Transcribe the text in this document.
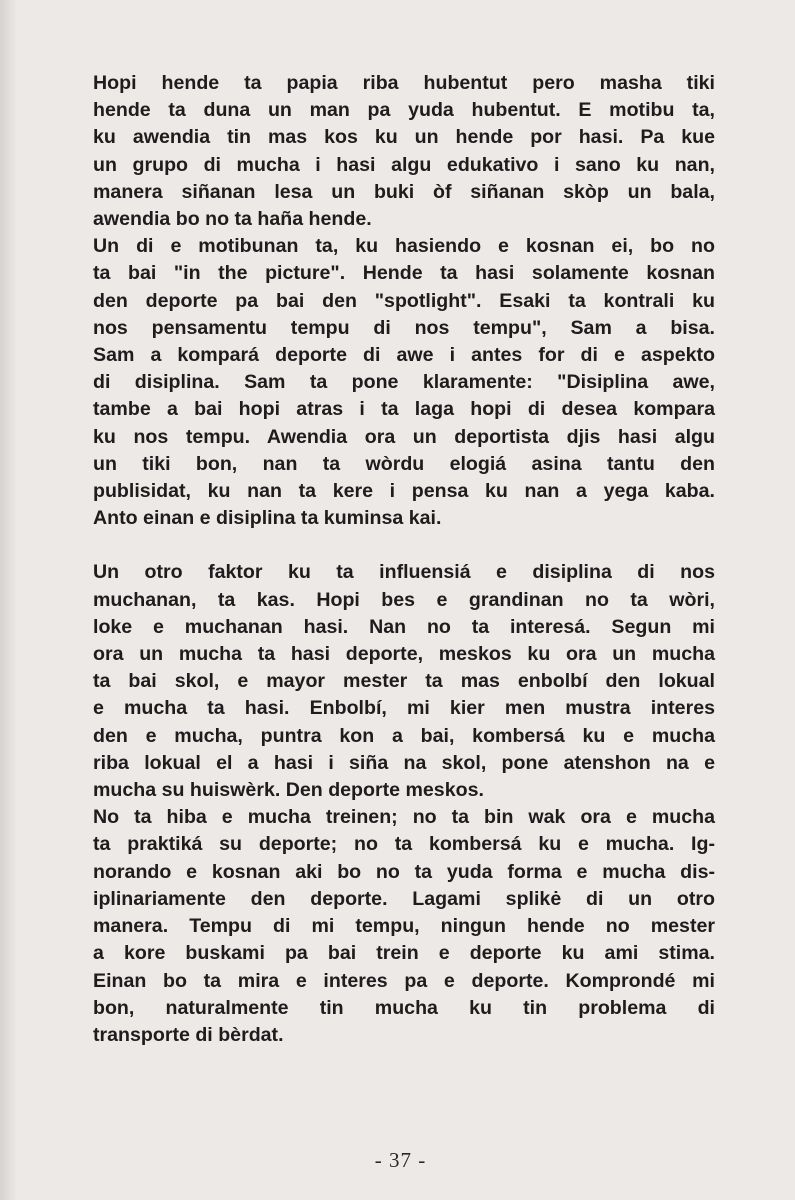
Hopi hende ta papia riba hubentut pero masha tiki
hende ta duna un man pa yuda hubentut. E motibu ta,
ku awendia tin mas kos ku un hende por hasi. Pa kue
un grupo di mucha i hasi algu edukativo i sano ku nan,
manera siñanan lesa un buki òf siñanan skòp un bala,
awendia bo no ta haña hende.

Un di e motibunan ta, ku hasiendo e kosnan ei, bo no
ta bai "in the picture". Hende ta hasi solamente kosnan
den deporte pa bai den "spotlight". Esaki ta kontrali ku
nos pensamentu tempu di nos tempu", Sam a bisa.
Sam a kompará deporte di awe i antes for di e aspekto
di disiplina. Sam ta pone klaramente: "Disiplina awe,
tambe a bai hopi atras i ta laga hopi di desea kompara
ku nos tempu. Awendia ora un deportista djis hasi algu
un tiki bon, nan ta wòrdu elogiá asina tantu den
publisidat, ku nan ta kere i pensa ku nan a yega kaba.
Anto einan e disiplina ta kuminsa kai.

Un otro faktor ku ta influensiá e disiplina di nos
muchanan, ta kas. Hopi bes e grandinan no ta wòri,
loke e muchanan hasi. Nan no ta interesá. Segun mi
ora un mucha ta hasi deporte, meskos ku ora un mucha
ta bai skol, e mayor mester ta mas enbolbí den lokual
e mucha ta hasi. Enbolbí, mi kier men mustra interes
den e mucha, puntra kon a bai, kombersá ku e mucha
riba lokual el a hasi i siña na skol, pone atenshon na e
mucha su huiswèrk. Den deporte meskos.

No ta hiba e mucha treinen; no ta bin wak ora e mucha
ta praktiká su deporte; no ta kombersá ku e mucha. Ig-
norando e kosnan aki bo no ta yuda forma e mucha dis-
iplinariamente den deporte. Lagami splikė di un otro
manera. Tempu di mi tempu, ningun hende no mester
a kore buskami pa bai trein e deporte ku ami stima.
Einan bo ta mira e interes pa e deporte. Komprondé mi
bon, naturalmente tin mucha ku tin problema di
transporte di bèrdat.

- 37 -
